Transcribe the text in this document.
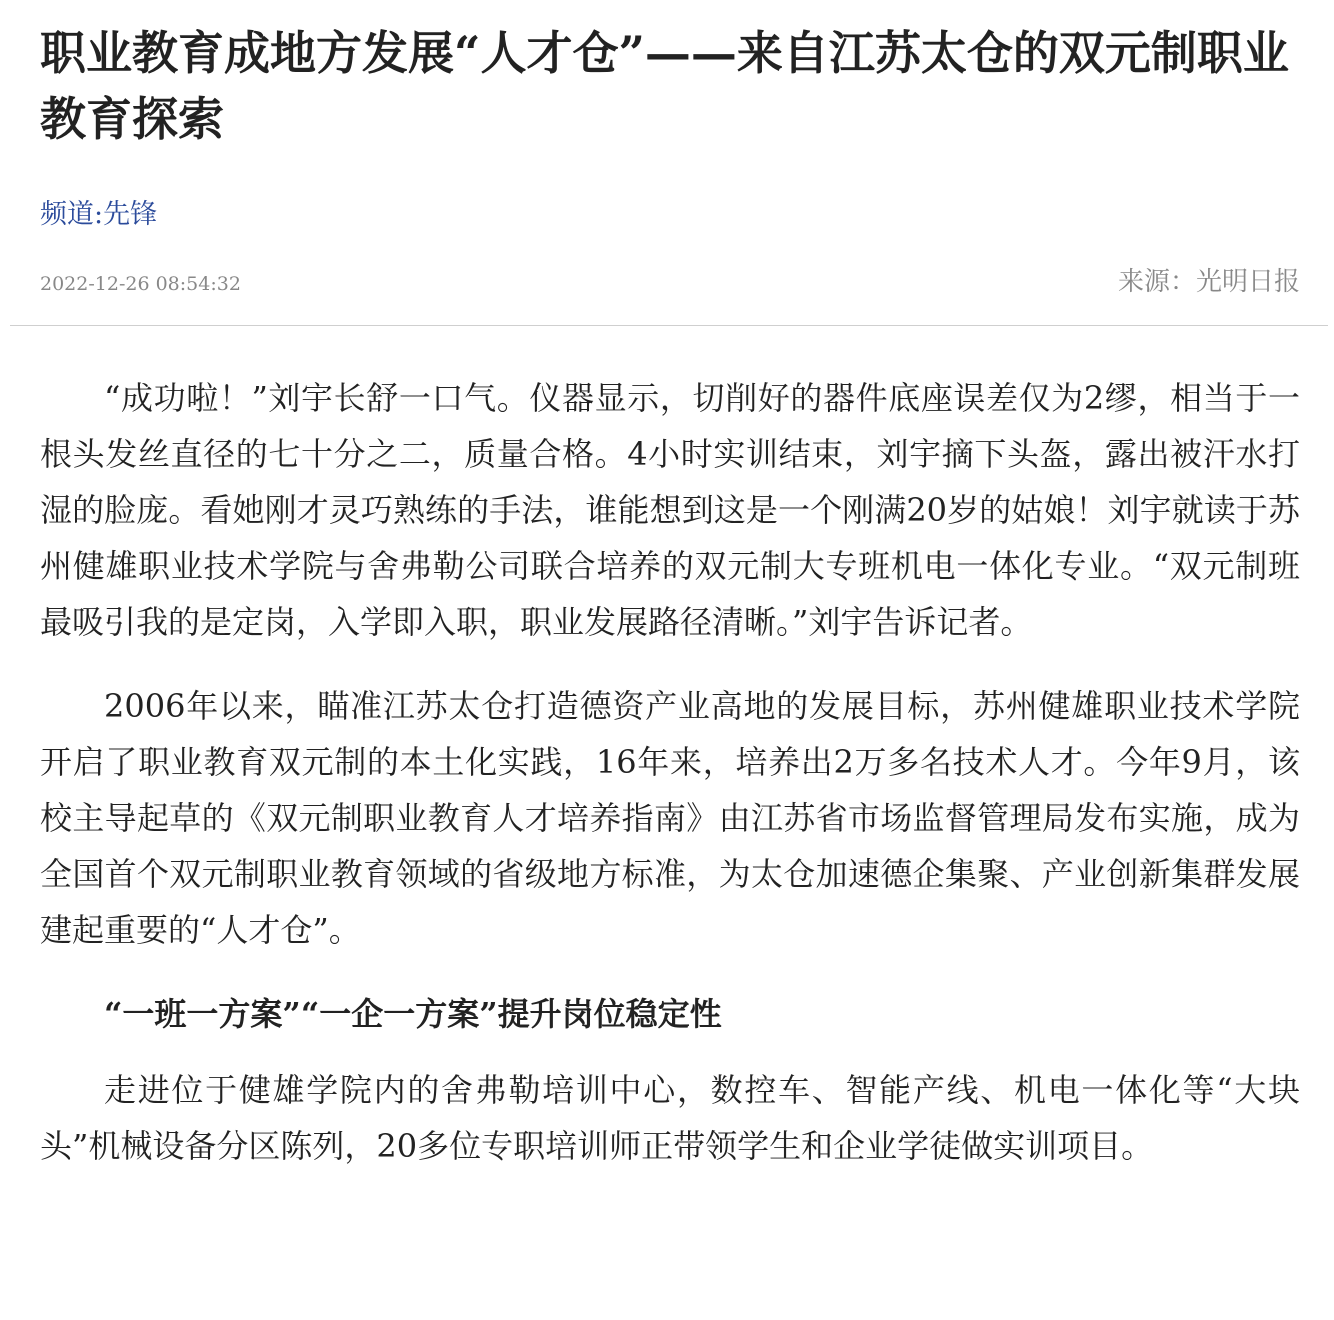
职业教育成地方发展“人才仓”——来自江苏太仓的双元制职业教育探索
频道:先锋
2022-12-26 08:54:32	来源：光明日报

“成功啦！”刘宇长舒一口气。仪器显示，切削好的器件底座误差仅为2缪，相当于一根头发丝直径的七十分之二，质量合格。4小时实训结束，刘宇摘下头盔，露出被汗水打湿的脸庞。看她刚才灵巧熟练的手法，谁能想到这是一个刚满20岁的姑娘！刘宇就读于苏州健雄职业技术学院与舍弗勒公司联合培养的双元制大专班机电一体化专业。“双元制班最吸引我的是定岗，入学即入职，职业发展路径清晰。”刘宇告诉记者。

2006年以来，瞄准江苏太仓打造德资产业高地的发展目标，苏州健雄职业技术学院开启了职业教育双元制的本土化实践，16年来，培养出2万多名技术人才。今年9月，该校主导起草的《双元制职业教育人才培养指南》由江苏省市场监督管理局发布实施，成为全国首个双元制职业教育领域的省级地方标准，为太仓加速德企集聚、产业创新集群发展建起重要的“人才仓”。

“一班一方案”“一企一方案”提升岗位稳定性

走进位于健雄学院内的舍弗勒培训中心，数控车、智能产线、机电一体化等“大块头”机械设备分区陈列，20多位专职培训师正带领学生和企业学徒做实训项目。
